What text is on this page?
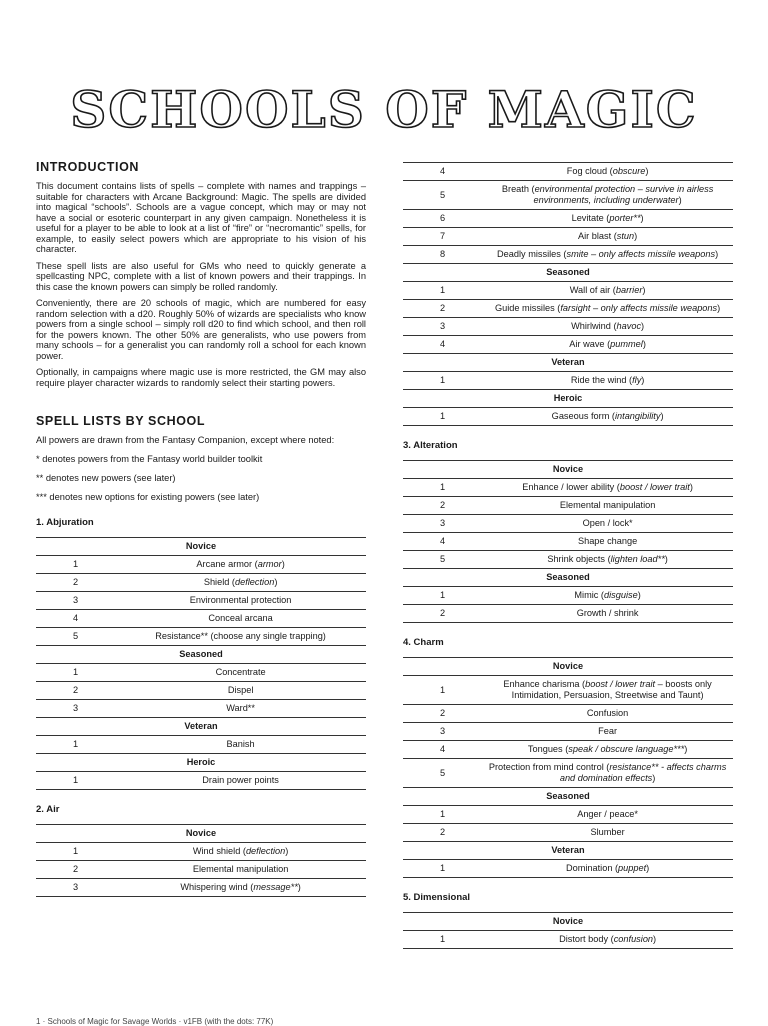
SCHOOLS OF MAGIC
INTRODUCTION

This document contains lists of spells – complete with names and trappings – suitable for characters with Arcane Background: Magic. The spells are divided into magical “schools”. Schools are a vague concept, which may or may not have a social or esoteric counterpart in any given campaign. Nonetheless it is useful for a player to be able to look at a list of “fire” or “necromantic” spells, for example, to easily select powers which are appropriate to his vision of his character.

These spell lists are also useful for GMs who need to quickly generate a spellcasting NPC, complete with a list of known powers and their trappings. In this case the known powers can simply be rolled randomly.

Conveniently, there are 20 schools of magic, which are numbered for easy random selection with a d20. Roughly 50% of wizards are specialists who know powers from a single school – simply roll d20 to find which school, and then roll for the powers known. The other 50% are generalists, who use powers from many schools – for a generalist you can randomly roll a school for each known power.

Optionally, in campaigns where magic use is more restricted, the GM may also require player character wizards to randomly select their starting powers.

SPELL LISTS BY SCHOOL
All powers are drawn from the Fantasy Companion, except where noted:
* denotes powers from the Fantasy world builder toolkit
** denotes new powers (see later)
*** denotes new options for existing powers (see later)
1. Abjuration
Novice	
1	Arcane armor (armor)
2	Shield (deflection)
3	Environmental protection
4	Conceal arcana
5	Resistance** (choose any single trapping)
Seasoned	
1	Concentrate
2	Dispel
3	Ward**
Veteran	
1	Banish
Heroic	
1	Drain power points
2. Air
Novice	
1	Wind shield (deflection)
2	Elemental manipulation
3	Whispering wind (message**)
4	Fog cloud (obscure)
5	Breath (environmental protection – survive in airless environments, including underwater)
6	Levitate (porter**)
7	Air blast (stun)
8	Deadly missiles (smite – only affects missile weapons)
Seasoned	
1	Wall of air (barrier)
2	Guide missiles (farsight – only affects missile weapons)
3	Whirlwind (havoc)
4	Air wave (pummel)
Veteran	
1	Ride the wind (fly)
Heroic	
1	Gaseous form (intangibility)
3. Alteration
Novice	
1	Enhance / lower ability (boost / lower trait)
2	Elemental manipulation
3	Open / lock*
4	Shape change
5	Shrink objects (lighten load**)
Seasoned	
1	Mimic (disguise)
2	Growth / shrink
4. Charm
Novice	
1	Enhance charisma (boost / lower trait – boosts only Intimidation, Persuasion, Streetwise and Taunt)
2	Confusion
3	Fear
4	Tongues (speak / obscure language***)
5	Protection from mind control (resistance** - affects charms and domination effects)
Seasoned	
1	Anger / peace*
2	Slumber
Veteran	
1	Domination (puppet)
5. Dimensional
Novice
1	Distort body (confusion)
1 · Schools of Magic for Savage Worlds · v1FB (with the dots: 77K)
